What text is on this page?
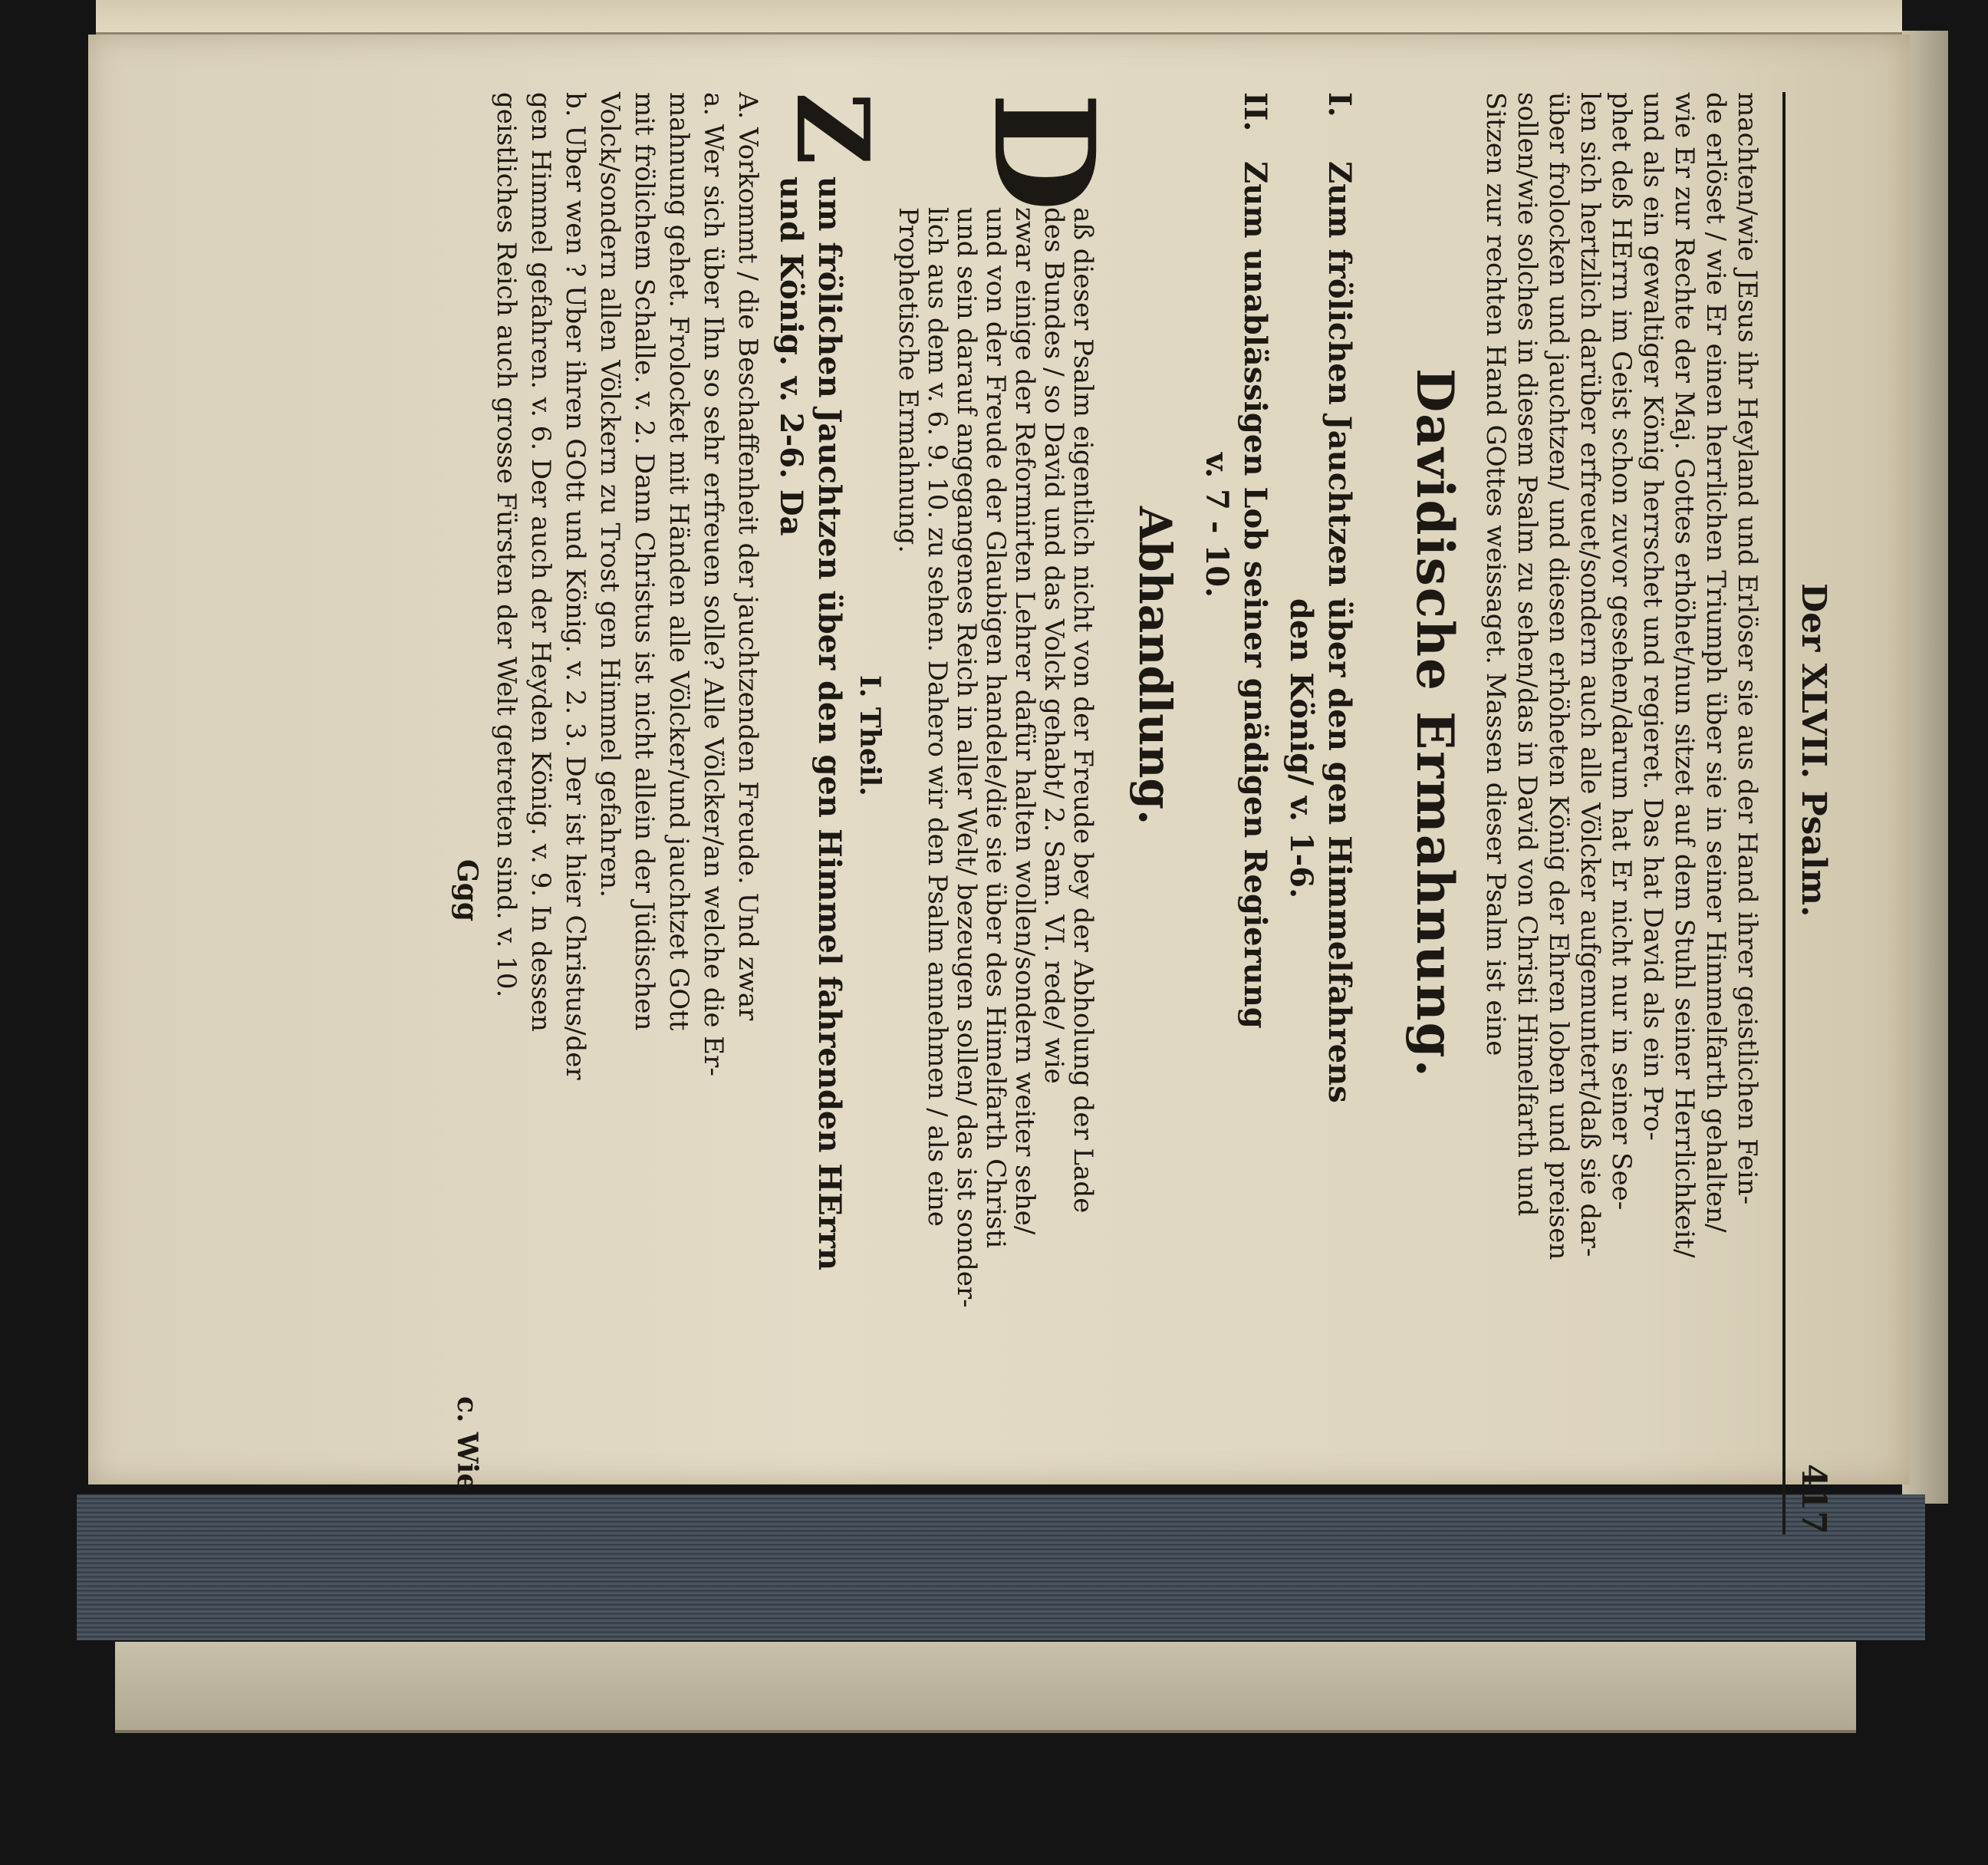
Der XLVII. Psalm.
417
machten/wie JEsus ihr Heyland und Erlöser sie aus der Hand ihrer geistlichen Fein-
de erlöset / wie Er einen herrlichen Triumph über sie in seiner Himmelfarth gehalten/
wie Er zur Rechte der Maj. Gottes erhöhet/nun sitzet auf dem Stuhl seiner Herrlichkeit/
und als ein gewaltiger König herrschet und regieret. Das hat David als ein Pro-
phet deß HErrn im Geist schon zuvor gesehen/darum hat Er nicht nur in seiner See-
len sich hertzlich darüber erfreuet/sondern auch alle Völcker aufgemuntert/daß sie dar-
über frolocken und jauchtzen/ und diesen erhöheten König der Ehren loben und preisen
sollen/wie solches in diesem Psalm zu sehen/das in David von Christi Himelfarth und
Sitzen zur rechten Hand GOttes weissaget. Massen dieser Psalm ist eine
Davidische Ermahnung.
I.
Zum frölichen Jauchtzen über den gen Himmelfahrens
den König/ v. 1-6.
II.
Zum unablässigen Lob seiner gnädigen Regierung
v. 7 - 10.
Abhandlung.
D
aß dieser Psalm eigentlich nicht von der Freude bey der Abholung der Lade
des Bundes / so David und das Volck gehabt/ 2. Sam. VI. rede/ wie
zwar einige der Reformirten Lehrer dafür halten wollen/sondern weiter sehe/
und von der Freude der Glaubigen handele/die sie über des Himelfarth Christi
und sein darauf angegangenes Reich in aller Welt/ bezeugen sollen/ das ist sonder-
lich aus dem v. 6. 9. 10. zu sehen. Dahero wir den Psalm annehmen / als eine
Prophetische Ermahnung.
I. Theil.
Z
um frölichen Jauchtzen über den gen Himmel fahrenden HErrn
und König. v. 2-6. Da
A. Vorkommt / die Beschaffenheit der jauchtzenden Freude. Und zwar
a. Wer sich über Ihn so sehr erfreuen solle? Alle Völcker/an welche die Er-
mahnung gehet. Frolocket mit Händen alle Völcker/und jauchtzet GOtt
mit frölichem Schalle. v. 2. Dann Christus ist nicht allein der Jüdischen
Volck/sondern allen Völckern zu Trost gen Himmel gefahren.
b. Uber wen ? Uber ihren GOtt und König. v. 2. 3. Der ist hier Christus/der
gen Himmel gefahren. v. 6. Der auch der Heyden König. v. 9. In dessen
geistliches Reich auch grosse Fürsten der Welt getretten sind. v. 10.
Ggg
c. Wie
